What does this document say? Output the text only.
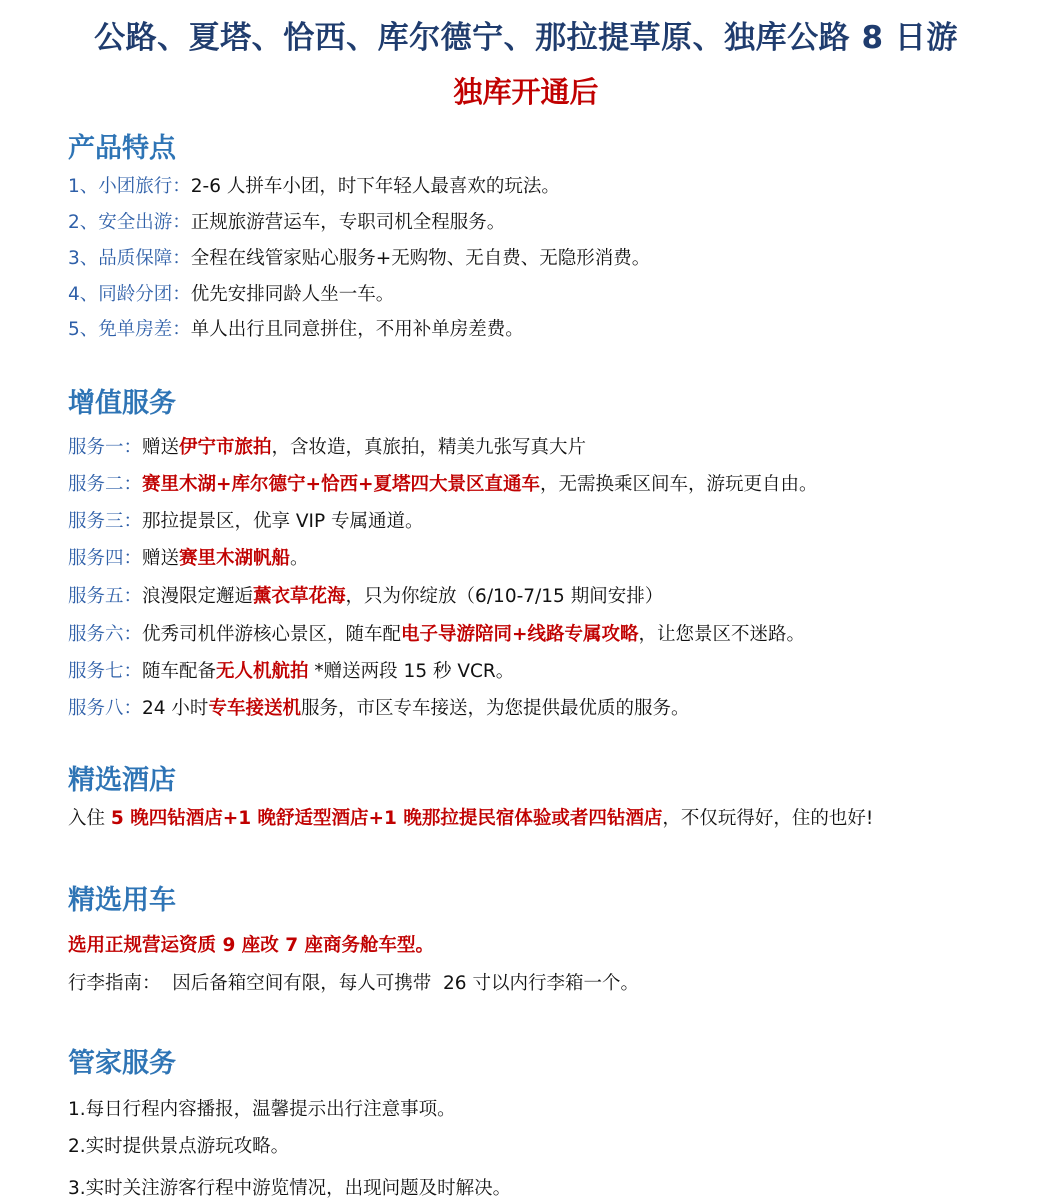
公路、夏塔、恰西、库尔德宁、那拉提草原、独库公路 8 日游
独库开通后
产品特点
1、小团旅行：2-6 人拼车小团，时下年轻人最喜欢的玩法。
2、安全出游：正规旅游营运车，专职司机全程服务。
3、品质保障：全程在线管家贴心服务+无购物、无自费、无隐形消费。
4、同龄分团：优先安排同龄人坐一车。
5、免单房差：单人出行且同意拼住，不用补单房差费。
增值服务
服务一：赠送伊宁市旅拍，含妆造，真旅拍，精美九张写真大片
服务二：赛里木湖+库尔德宁+恰西+夏塔四大景区直通车，无需换乘区间车，游玩更自由。
服务三：那拉提景区，优享 VIP 专属通道。
服务四：赠送赛里木湖帆船。
服务五：浪漫限定邂逅薰衣草花海，只为你绽放（6/10-7/15 期间安排）
服务六：优秀司机伴游核心景区，随车配电子导游陪同+线路专属攻略，让您景区不迷路。
服务七：随车配备无人机航拍 *赠送两段 15 秒 VCR。
服务八：24 小时专车接送机服务，市区专车接送，为您提供最优质的服务。
精选酒店
入住 5 晚四钻酒店+1 晚舒适型酒店+1 晚那拉提民宿体验或者四钻酒店，不仅玩得好，住的也好!
精选用车
选用正规营运资质 9 座改 7 座商务舱车型。
行李指南：  因后备箱空间有限，每人可携带  26 寸以内行李箱一个。
管家服务
1.每日行程内容播报，温馨提示出行注意事项。
2.实时提供景点游玩攻略。
3.实时关注游客行程中游览情况，出现问题及时解决。
